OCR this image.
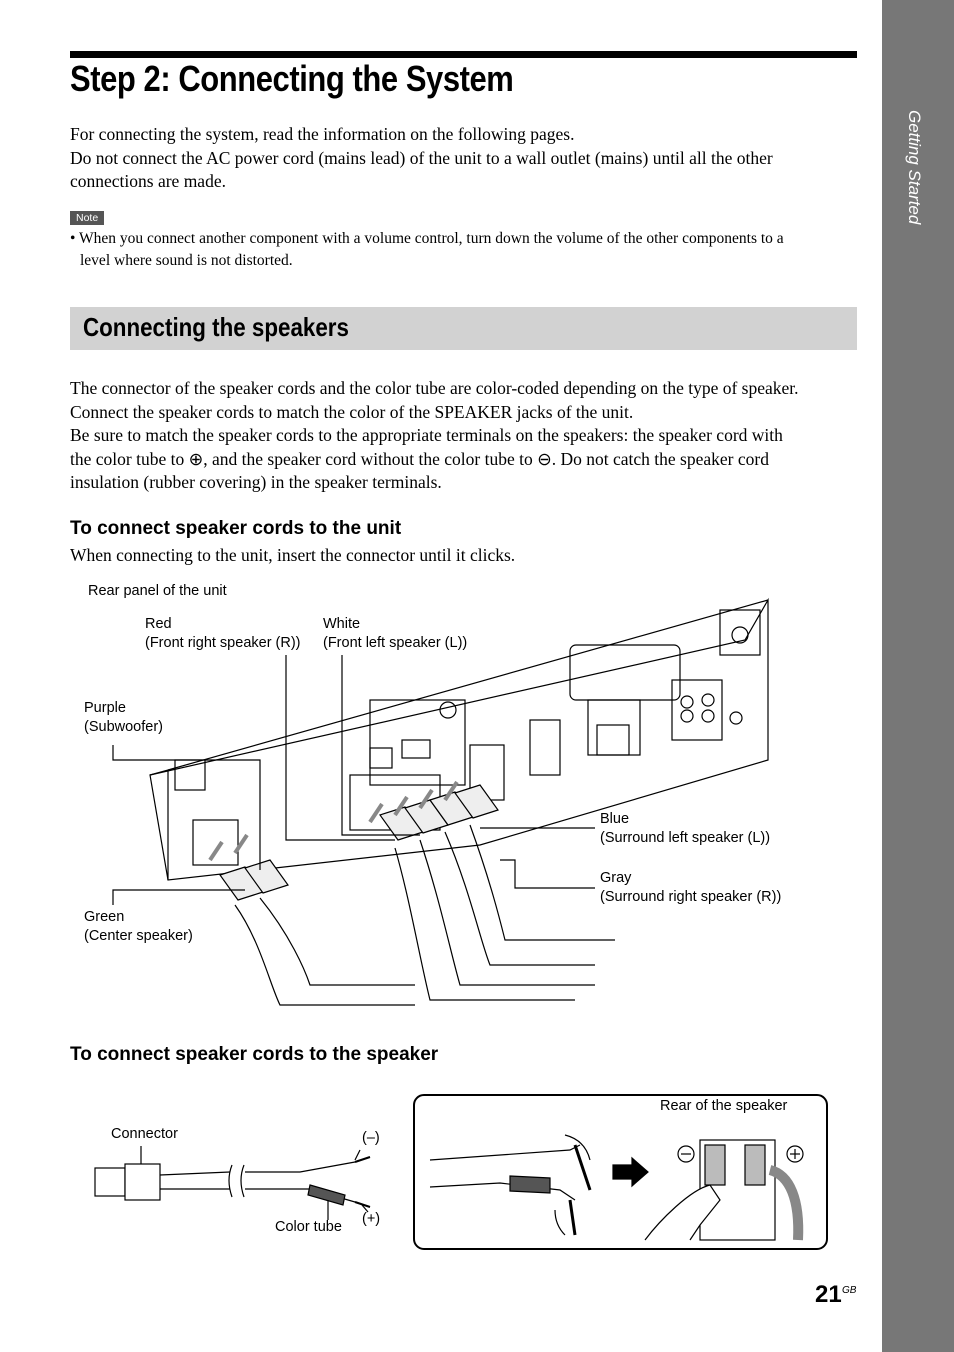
Getting Started
Step 2: Connecting the System
For connecting the system, read the information on the following pages.
Do not connect the AC power cord (mains lead) of the unit to a wall outlet (mains) until all the other
connections are made.
Note
• When you connect another component with a volume control, turn down the volume of the other components to a
level where sound is not distorted.
Connecting the speakers
The connector of the speaker cords and the color tube are color-coded depending on the type of speaker.
Connect the speaker cords to match the color of the SPEAKER jacks of the unit.
Be sure to match the speaker cords to the appropriate terminals on the speakers: the speaker cord with
the color tube to ⊕, and the speaker cord without the color tube to ⊖. Do not catch the speaker cord
insulation (rubber covering) in the speaker terminals.
To connect speaker cords to the unit
When connecting to the unit, insert the connector until it clicks.
Rear panel of the unit
Red
(Front right speaker (R))
White
(Front left speaker (L))
Purple
(Subwoofer)
Blue
(Surround left speaker (L))
Gray
(Surround right speaker (R))
Green
(Center speaker)
To connect speaker cords to the speaker
Connector	(–)
(+)
Color tube
Rear of the speaker
21 GB
